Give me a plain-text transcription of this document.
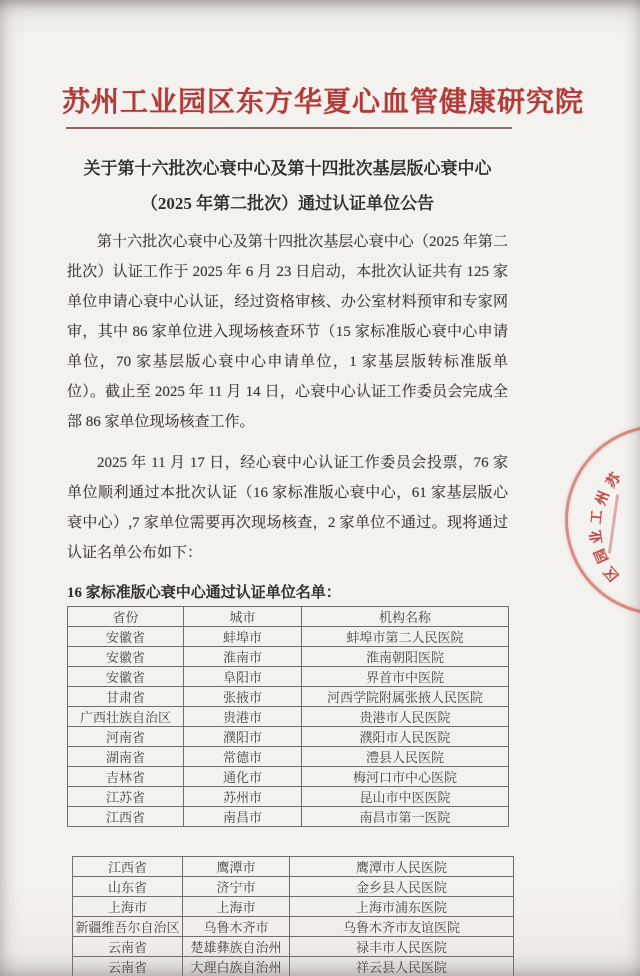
苏州工业园区东方华夏心血管健康研究院
关于第十六批次心衰中心及第十四批次基层版心衰中心
（2025 年第二批次）通过认证单位公告

第十六批次心衰中心及第十四批次基层心衰中心（2025 年第二批次）认证工作于 2025 年 6 月 23 日启动，本批次认证共有 125 家单位申请心衰中心认证，经过资格审核、办公室材料预审和专家网审，其中 86 家单位进入现场核查环节（15 家标准版心衰中心申请单位，70 家基层版心衰中心申请单位，1 家基层版转标准版单位）。截止至 2025 年 11 月 14 日，心衰中心认证工作委员会完成全部 86 家单位现场核查工作。

2025 年 11 月 17 日，经心衰中心认证工作委员会投票，76 家单位顺利通过本批次认证（16 家标准版心衰中心，61 家基层版心衰中心）,7 家单位需要再次现场核查，2 家单位不通过。现将通过认证名单公布如下：

16 家标准版心衰中心通过认证单位名单：
省份	城市	机构名称
安徽省	蚌埠市	蚌埠市第二人民医院
安徽省	淮南市	淮南朝阳医院
安徽省	阜阳市	界首市中医院
甘肃省	张掖市	河西学院附属张掖人民医院
广西壮族自治区	贵港市	贵港市人民医院
河南省	濮阳市	濮阳市人民医院
湖南省	常德市	澧县人民医院
吉林省	通化市	梅河口市中心医院
江苏省	苏州市	昆山市中医医院
江西省	南昌市	南昌市第一医院
江西省	鹰潭市	鹰潭市人民医院
山东省	济宁市	金乡县人民医院
上海市	上海市	上海市浦东医院
新疆维吾尔自治区	乌鲁木齐市	乌鲁木齐市友谊医院
云南省	楚雄彝族自治州	禄丰市人民医院
云南省	大理白族自治州	祥云县人民医院
苏
州
工
业
园
区
